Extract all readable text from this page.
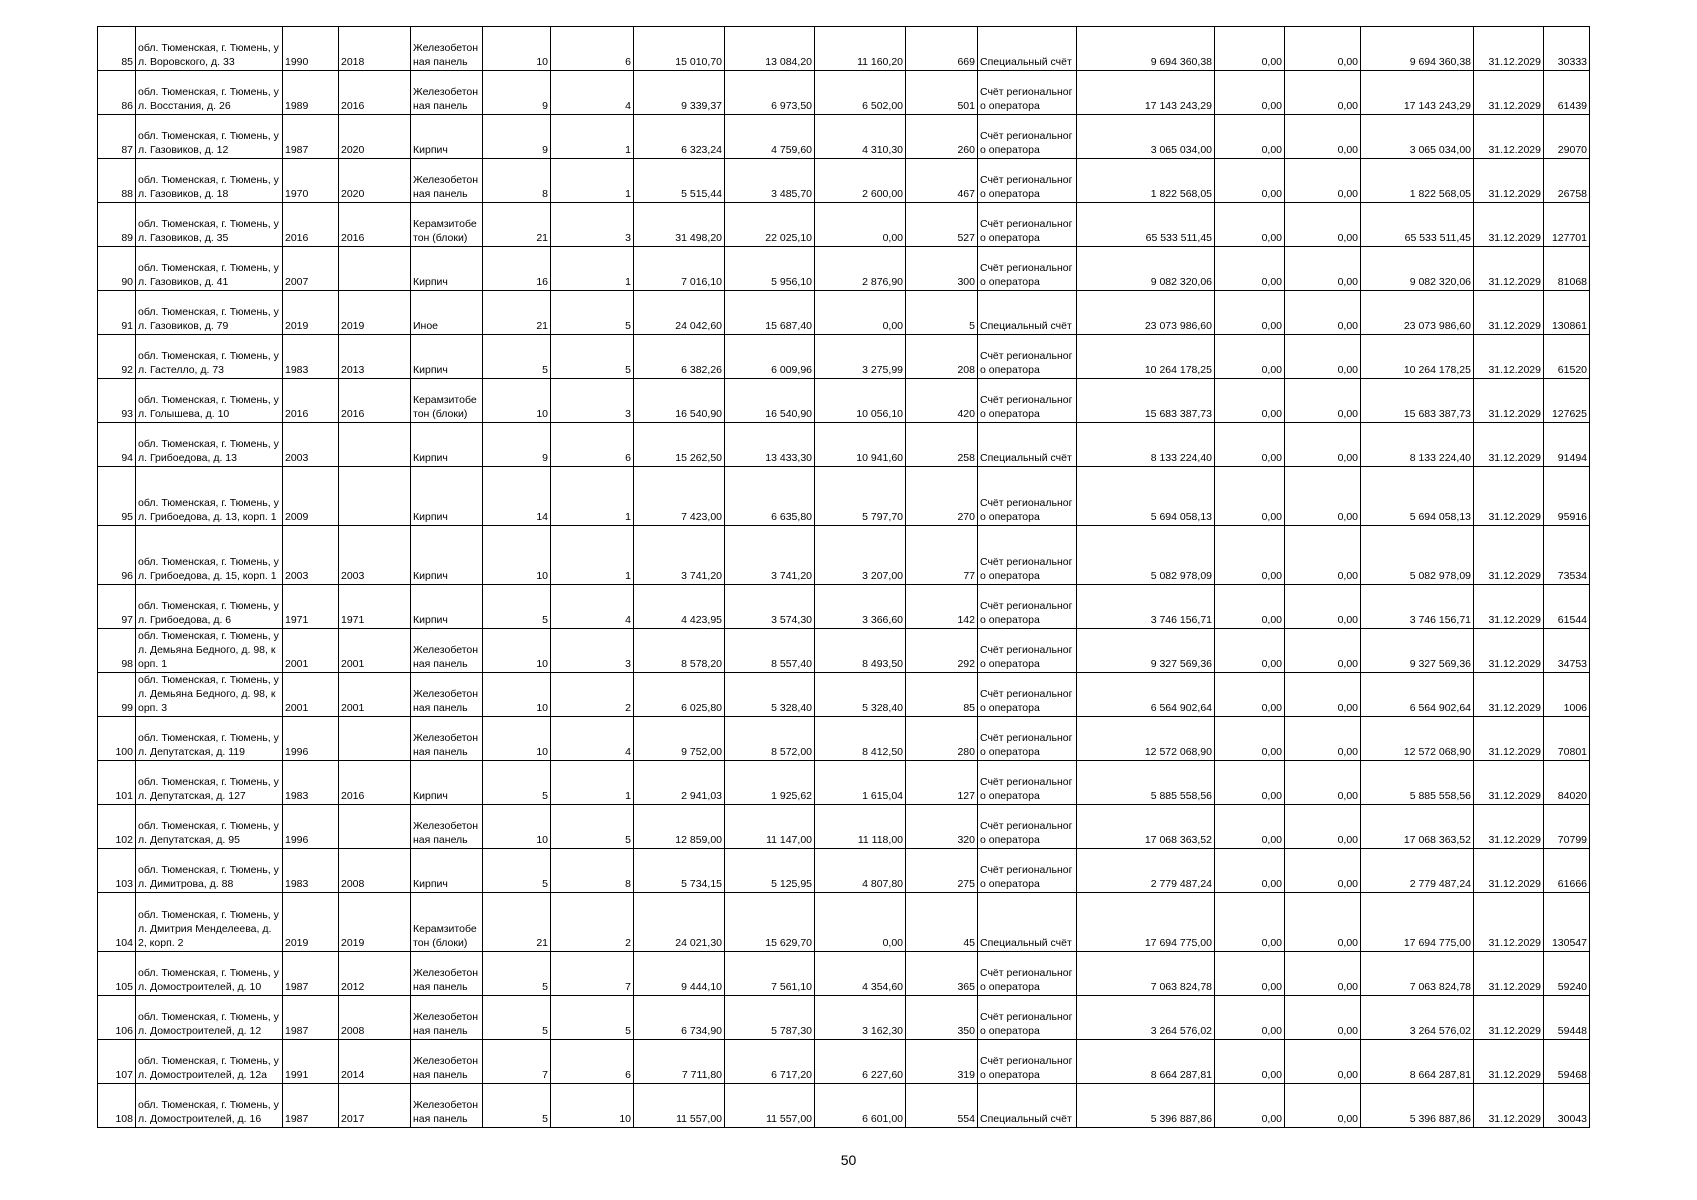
85	обл. Тюменская, г. Тюмень, ул. Воровского, д. 33	1990	2018	Железобетонная панель	10	6	15 010,70	13 084,20	11 160,20	669	Специальный счёт	9 694 360,38	0,00	0,00	9 694 360,38	31.12.2029	30333
86	обл. Тюменская, г. Тюмень, ул. Восстания, д. 26	1989	2016	Железобетонная панель	9	4	9 339,37	6 973,50	6 502,00	501	Счёт регионального оператора	17 143 243,29	0,00	0,00	17 143 243,29	31.12.2029	61439
87	обл. Тюменская, г. Тюмень, ул. Газовиков, д. 12	1987	2020	Кирпич	9	1	6 323,24	4 759,60	4 310,30	260	Счёт регионального оператора	3 065 034,00	0,00	0,00	3 065 034,00	31.12.2029	29070
88	обл. Тюменская, г. Тюмень, ул. Газовиков, д. 18	1970	2020	Железобетонная панель	8	1	5 515,44	3 485,70	2 600,00	467	Счёт регионального оператора	1 822 568,05	0,00	0,00	1 822 568,05	31.12.2029	26758
89	обл. Тюменская, г. Тюмень, ул. Газовиков, д. 35	2016	2016	Керамзитобетон (блоки)	21	3	31 498,20	22 025,10	0,00	527	Счёт регионального оператора	65 533 511,45	0,00	0,00	65 533 511,45	31.12.2029	127701
90	обл. Тюменская, г. Тюмень, ул. Газовиков, д. 41	2007		Кирпич	16	1	7 016,10	5 956,10	2 876,90	300	Счёт регионального оператора	9 082 320,06	0,00	0,00	9 082 320,06	31.12.2029	81068
91	обл. Тюменская, г. Тюмень, ул. Газовиков, д. 79	2019	2019	Иное	21	5	24 042,60	15 687,40	0,00	5	Специальный счёт	23 073 986,60	0,00	0,00	23 073 986,60	31.12.2029	130861
92	обл. Тюменская, г. Тюмень, ул. Гастелло, д. 73	1983	2013	Кирпич	5	5	6 382,26	6 009,96	3 275,99	208	Счёт регионального оператора	10 264 178,25	0,00	0,00	10 264 178,25	31.12.2029	61520
93	обл. Тюменская, г. Тюмень, ул. Голышева, д. 10	2016	2016	Керамзитобетон (блоки)	10	3	16 540,90	16 540,90	10 056,10	420	Счёт регионального оператора	15 683 387,73	0,00	0,00	15 683 387,73	31.12.2029	127625
94	обл. Тюменская, г. Тюмень, ул. Грибоедова, д. 13	2003		Кирпич	9	6	15 262,50	13 433,30	10 941,60	258	Специальный счёт	8 133 224,40	0,00	0,00	8 133 224,40	31.12.2029	91494
95	обл. Тюменская, г. Тюмень, ул. Грибоедова, д. 13, корп. 1	2009		Кирпич	14	1	7 423,00	6 635,80	5 797,70	270	Счёт регионального оператора	5 694 058,13	0,00	0,00	5 694 058,13	31.12.2029	95916
96	обл. Тюменская, г. Тюмень, ул. Грибоедова, д. 15, корп. 1	2003	2003	Кирпич	10	1	3 741,20	3 741,20	3 207,00	77	Счёт регионального оператора	5 082 978,09	0,00	0,00	5 082 978,09	31.12.2029	73534
97	обл. Тюменская, г. Тюмень, ул. Грибоедова, д. 6	1971	1971	Кирпич	5	4	4 423,95	3 574,30	3 366,60	142	Счёт регионального оператора	3 746 156,71	0,00	0,00	3 746 156,71	31.12.2029	61544
98	обл. Тюменская, г. Тюмень, ул. Демьяна Бедного, д. 98, корп. 1	2001	2001	Железобетонная панель	10	3	8 578,20	8 557,40	8 493,50	292	Счёт регионального оператора	9 327 569,36	0,00	0,00	9 327 569,36	31.12.2029	34753
99	обл. Тюменская, г. Тюмень, ул. Демьяна Бедного, д. 98, корп. 3	2001	2001	Железобетонная панель	10	2	6 025,80	5 328,40	5 328,40	85	Счёт регионального оператора	6 564 902,64	0,00	0,00	6 564 902,64	31.12.2029	1006
100	обл. Тюменская, г. Тюмень, ул. Депутатская, д. 119	1996		Железобетонная панель	10	4	9 752,00	8 572,00	8 412,50	280	Счёт регионального оператора	12 572 068,90	0,00	0,00	12 572 068,90	31.12.2029	70801
101	обл. Тюменская, г. Тюмень, ул. Депутатская, д. 127	1983	2016	Кирпич	5	1	2 941,03	1 925,62	1 615,04	127	Счёт регионального оператора	5 885 558,56	0,00	0,00	5 885 558,56	31.12.2029	84020
102	обл. Тюменская, г. Тюмень, ул. Депутатская, д. 95	1996		Железобетонная панель	10	5	12 859,00	11 147,00	11 118,00	320	Счёт регионального оператора	17 068 363,52	0,00	0,00	17 068 363,52	31.12.2029	70799
103	обл. Тюменская, г. Тюмень, ул. Димитрова, д. 88	1983	2008	Кирпич	5	8	5 734,15	5 125,95	4 807,80	275	Счёт регионального оператора	2 779 487,24	0,00	0,00	2 779 487,24	31.12.2029	61666
104	обл. Тюменская, г. Тюмень, ул. Дмитрия Менделеева, д. 2, корп. 2	2019	2019	Керамзитобетон (блоки)	21	2	24 021,30	15 629,70	0,00	45	Специальный счёт	17 694 775,00	0,00	0,00	17 694 775,00	31.12.2029	130547
105	обл. Тюменская, г. Тюмень, ул. Домостроителей, д. 10	1987	2012	Железобетонная панель	5	7	9 444,10	7 561,10	4 354,60	365	Счёт регионального оператора	7 063 824,78	0,00	0,00	7 063 824,78	31.12.2029	59240
106	обл. Тюменская, г. Тюмень, ул. Домостроителей, д. 12	1987	2008	Железобетонная панель	5	5	6 734,90	5 787,30	3 162,30	350	Счёт регионального оператора	3 264 576,02	0,00	0,00	3 264 576,02	31.12.2029	59448
107	обл. Тюменская, г. Тюмень, ул. Домостроителей, д. 12а	1991	2014	Железобетонная панель	7	6	7 711,80	6 717,20	6 227,60	319	Счёт регионального оператора	8 664 287,81	0,00	0,00	8 664 287,81	31.12.2029	59468
108	обл. Тюменская, г. Тюмень, ул. Домостроителей, д. 16	1987	2017	Железобетонная панель	5	10	11 557,00	11 557,00	6 601,00	554	Специальный счёт	5 396 887,86	0,00	0,00	5 396 887,86	31.12.2029	30043
50
